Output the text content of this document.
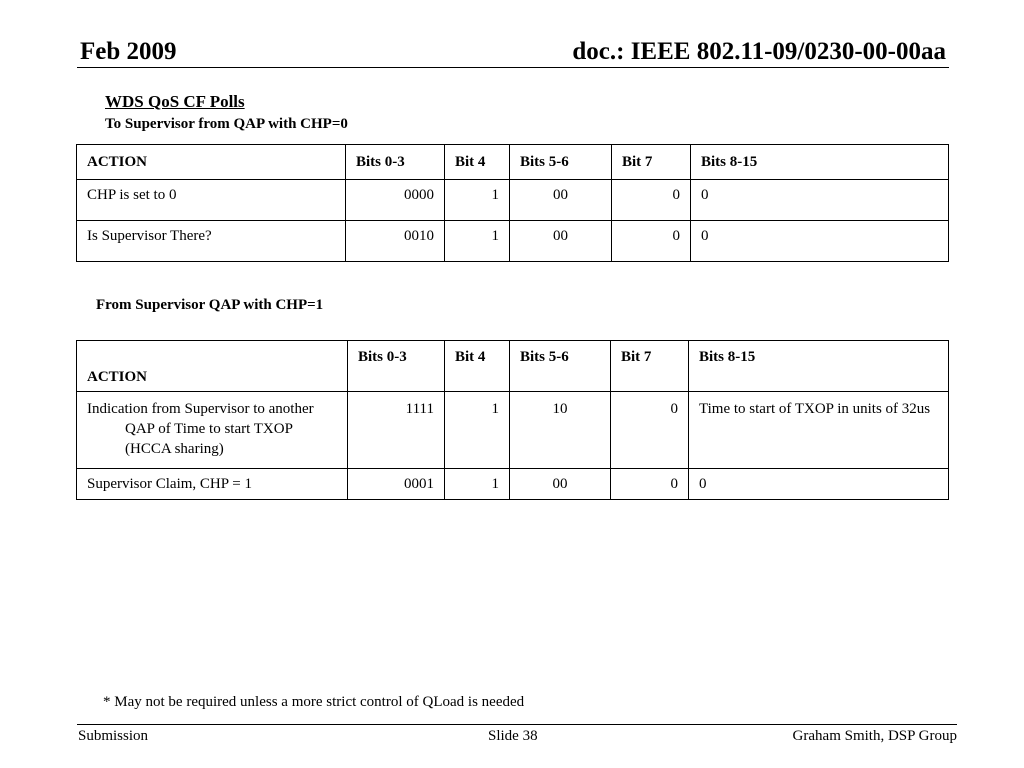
Feb 2009	doc.: IEEE 802.11-09/0230-00-00aa
WDS QoS CF Polls
To Supervisor from QAP with CHP=0
ACTION	Bits 0-3	Bit 4	Bits 5-6	Bit 7	Bits 8-15
CHP is set to 0	0000	1	00	0	0
Is Supervisor There?	0010	1	00	0	0
From Supervisor QAP with CHP=1
ACTION	Bits 0-3	Bit 4	Bits 5-6	Bit 7	Bits 8-15

Indication from Supervisor to another QAP of Time to start TXOP (HCCA sharing)	1111	1	10	0	Time to start of TXOP in units of 32us

Supervisor Claim, CHP = 1	0001	1	00	0	0
* May not be required unless a more strict control of QLoad is needed
Submission	Slide 38	Graham Smith, DSP Group
